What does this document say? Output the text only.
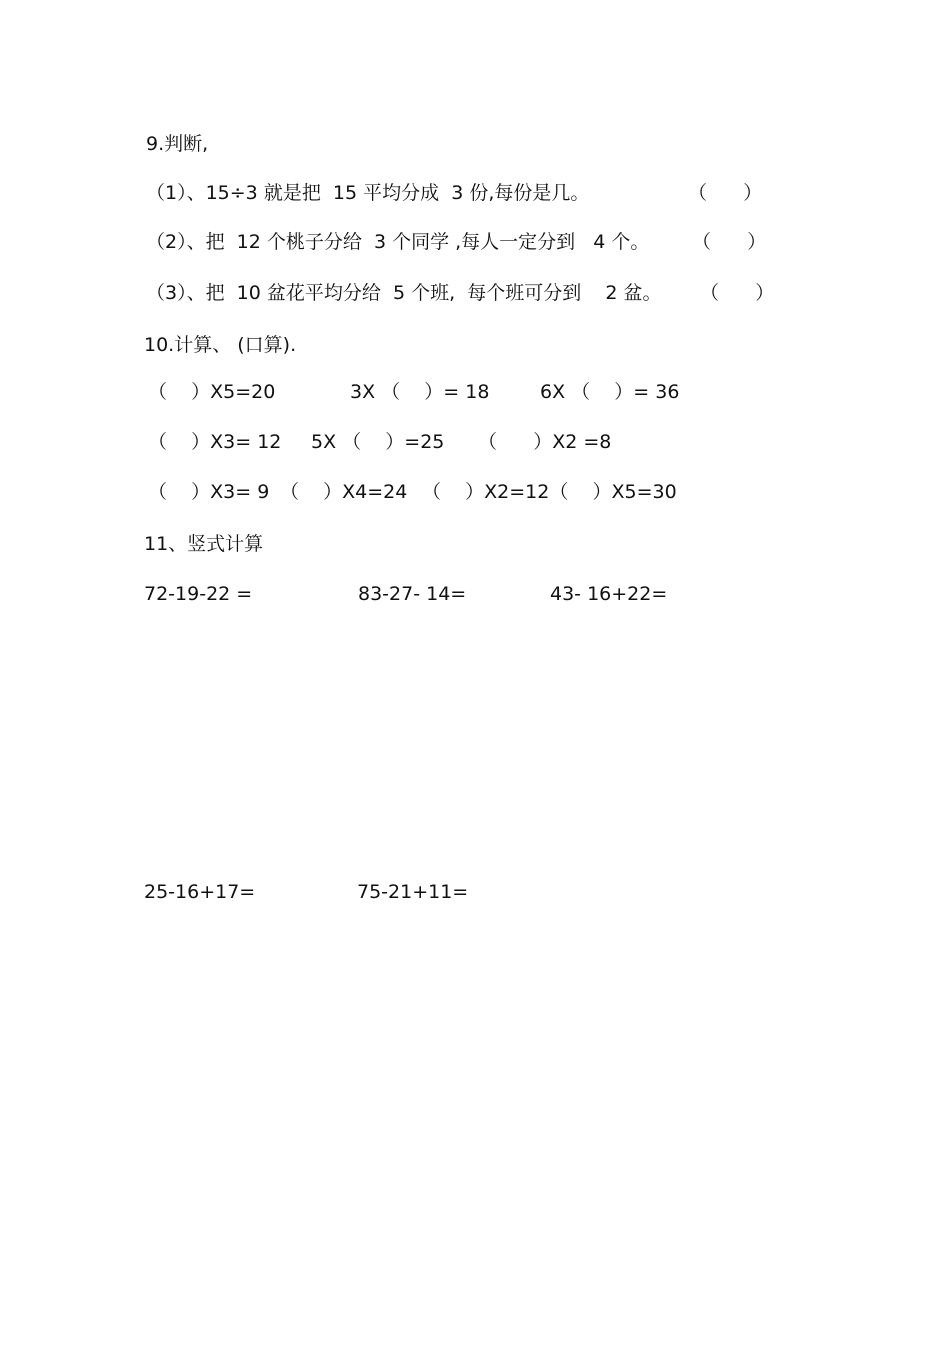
9.判断,
（1）、15÷3 就是把  15 平均分成  3 份,每份是几。	（      ）
（2）、把  12 个桃子分给  3 个同学 ,每人一定分到   4 个。 （      ）
（3）、把  10 盆花平均分给  5 个班,  每个班可分到    2 盆。 （      ）
10.计算、 (口算).
（    ）X5=20	3X （    ）= 18	6X （    ）= 36
（    ）X3= 12 5X （    ）=25 （      ）X2 =8
（    ）X3= 9 （    ）X4=24 （    ）X2=12（    ）X5=30
11、竖式计算
72-19-22 =	83-27- 14=	43- 16+22=
25-16+17=	75-21+11=
